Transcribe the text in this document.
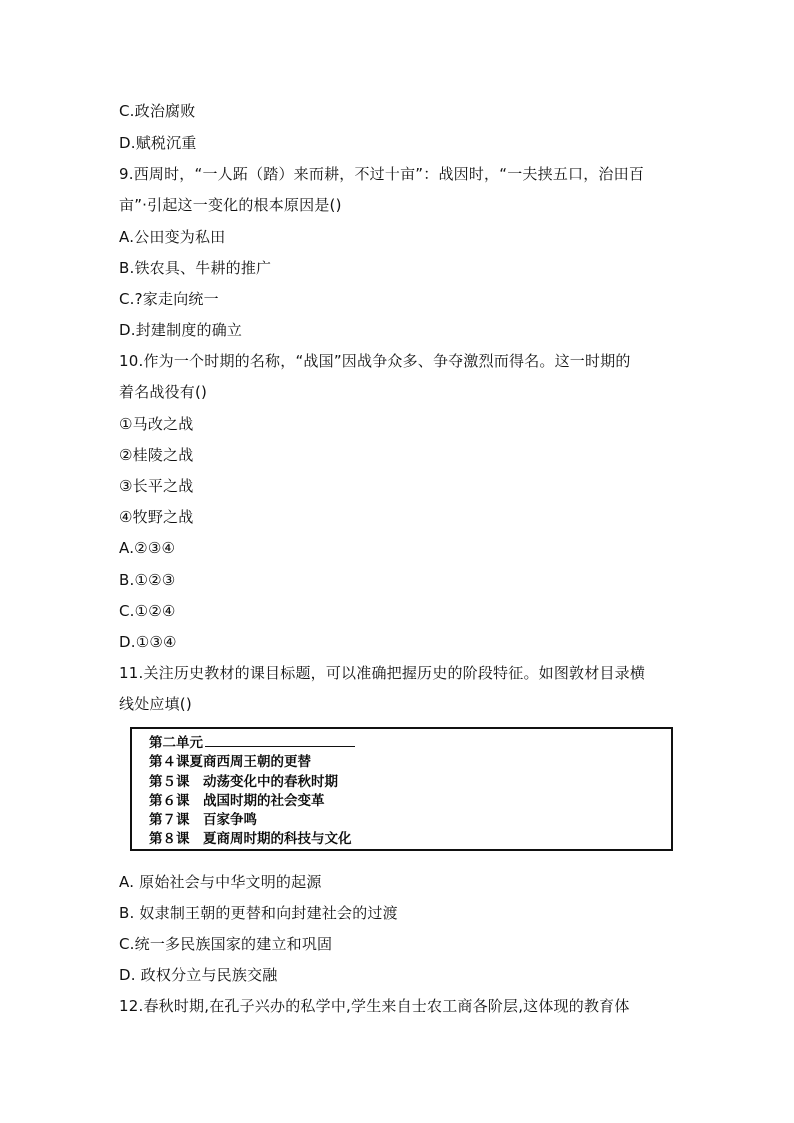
C.政治腐败
D.赋税沉重
9.西周时，“一人跖（踏）来而耕，不过十亩”：战因时，“一夫挟五口，治田百
亩”·引起这一变化的根本原因是()
A.公田变为私田
B.铁农具、牛耕的推广
C.?家走向统一
D.封建制度的确立
10.作为一个时期的名称，“战国”因战争众多、争夺激烈而得名。这一时期的
着名战役有()
①马改之战
②桂陵之战
③长平之战
④牧野之战
A.②③④
B.①②③
C.①②④
D.①③④
11.关注历史教材的课目标题，可以准确把握历史的阶段特征。如图敦材目录横
线处应填()
第二单元
第４课夏商西周王朝的更替
第５课　动荡变化中的春秋时期
第６课　战国时期的社会变革
第７课　百家争鸣
第８课　夏商周时期的科技与文化
A. 原始社会与中华文明的起源
B. 奴隶制王朝的更替和向封建社会的过渡
C.统一多民族国家的建立和巩固
D. 政权分立与民族交融
12.春秋时期,在孔子兴办的私学中,学生来自士农工商各阶层,这体现的教育体
